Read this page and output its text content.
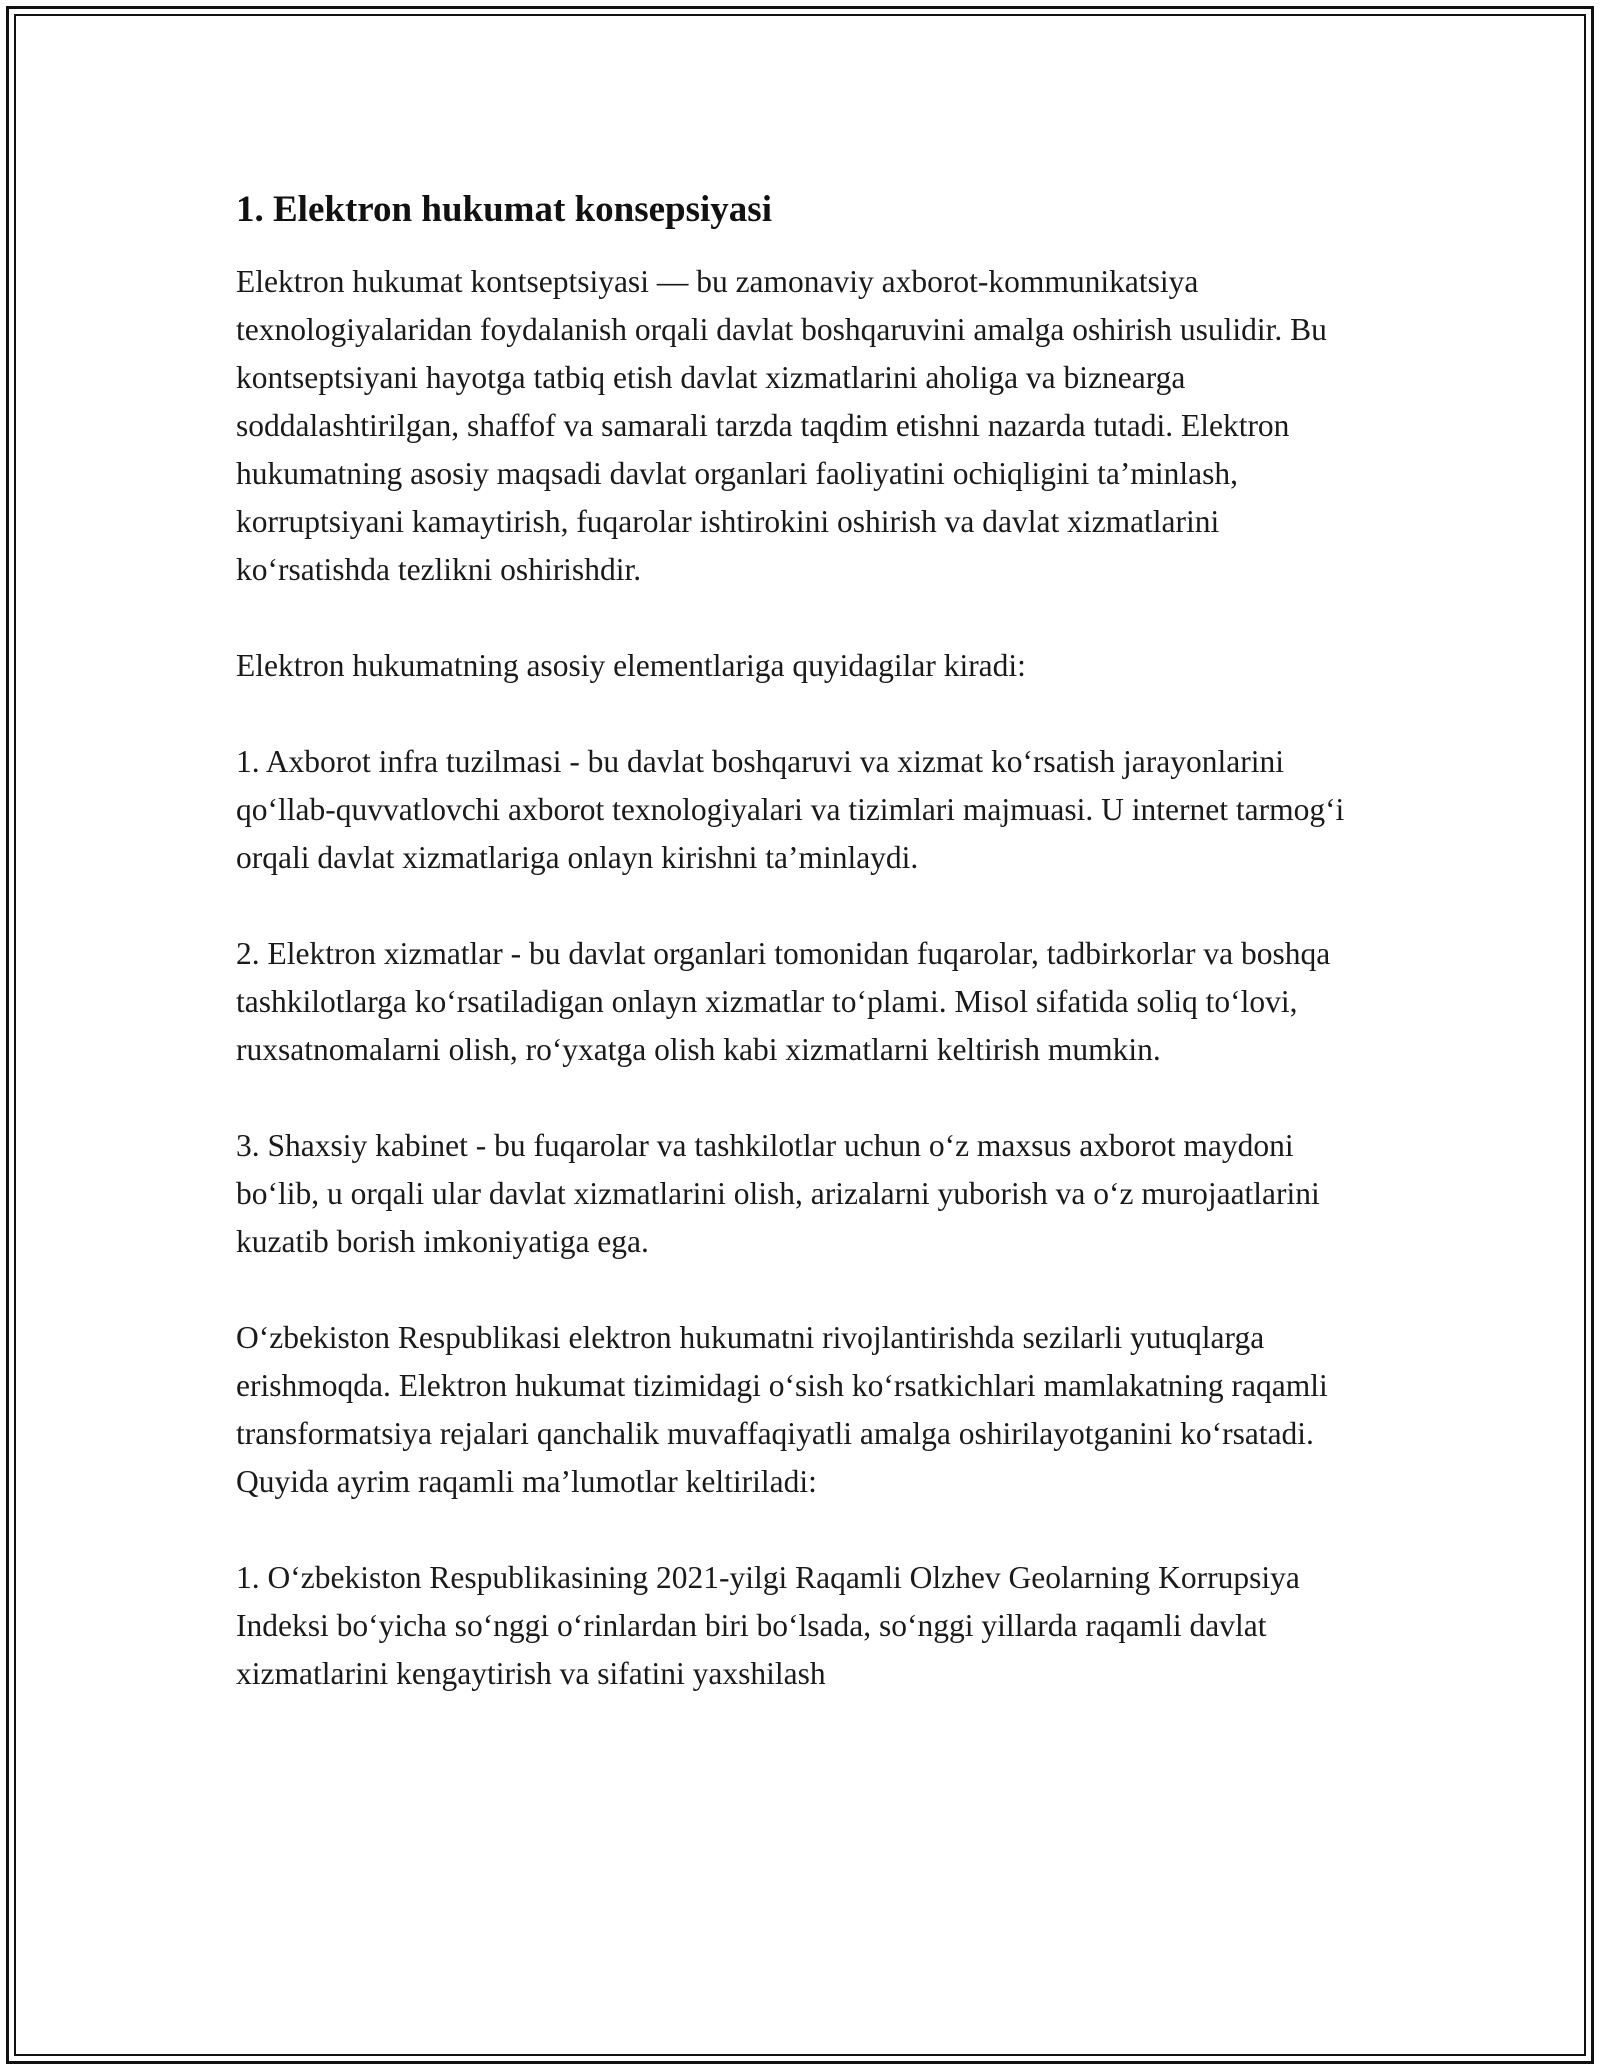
1. Elektron hukumat konsepsiyasi

Elektron hukumat kontseptsiyasi — bu zamonaviy axborot-kommunikatsiya texnologiyalaridan foydalanish orqali davlat boshqaruvini amalga oshirish usulidir. Bu kontseptsiyani hayotga tatbiq etish davlat xizmatlarini aholiga va biznearga soddalashtirilgan, shaffof va samarali tarzda taqdim etishni nazarda tutadi. Elektron hukumatning asosiy maqsadi davlat organlari faoliyatini ochiqligini ta’minlash, korruptsiyani kamaytirish, fuqarolar ishtirokini oshirish va davlat xizmatlarini koʻrsatishda tezlikni oshirishdir.

Elektron hukumatning asosiy elementlariga quyidagilar kiradi:

1. Axborot infra tuzilmasi - bu davlat boshqaruvi va xizmat koʻrsatish jarayonlarini qoʻllab-quvvatlovchi axborot texnologiyalari va tizimlari majmuasi. U internet tarmogʻi orqali davlat xizmatlariga onlayn kirishni ta’minlaydi.

2. Elektron xizmatlar - bu davlat organlari tomonidan fuqarolar, tadbirkorlar va boshqa tashkilotlarga koʻrsatiladigan onlayn xizmatlar toʻplami. Misol sifatida soliq toʻlovi, ruxsatnomalarni olish, roʻyxatga olish kabi xizmatlarni keltirish mumkin.

3. Shaxsiy kabinet - bu fuqarolar va tashkilotlar uchun oʻz maxsus axborot maydoni boʻlib, u orqali ular davlat xizmatlarini olish, arizalarni yuborish va oʻz murojaatlarini kuzatib borish imkoniyatiga ega.

Oʻzbekiston Respublikasi elektron hukumatni rivojlantirishda sezilarli yutuqlarga erishmoqda. Elektron hukumat tizimidagi oʻsish koʻrsatkichlari mamlakatning raqamli transformatsiya rejalari qanchalik muvaffaqiyatli amalga oshirilayotganini koʻrsatadi. Quyida ayrim raqamli ma’lumotlar keltiriladi:

1. Oʻzbekiston Respublikasining 2021-yilgi Raqamli Olzhev Geolarning Korrupsiya Indeksi boʻyicha soʻnggi oʻrinlardan biri boʻlsada, soʻnggi yillarda raqamli davlat xizmatlarini kengaytirish va sifatini yaxshilash
